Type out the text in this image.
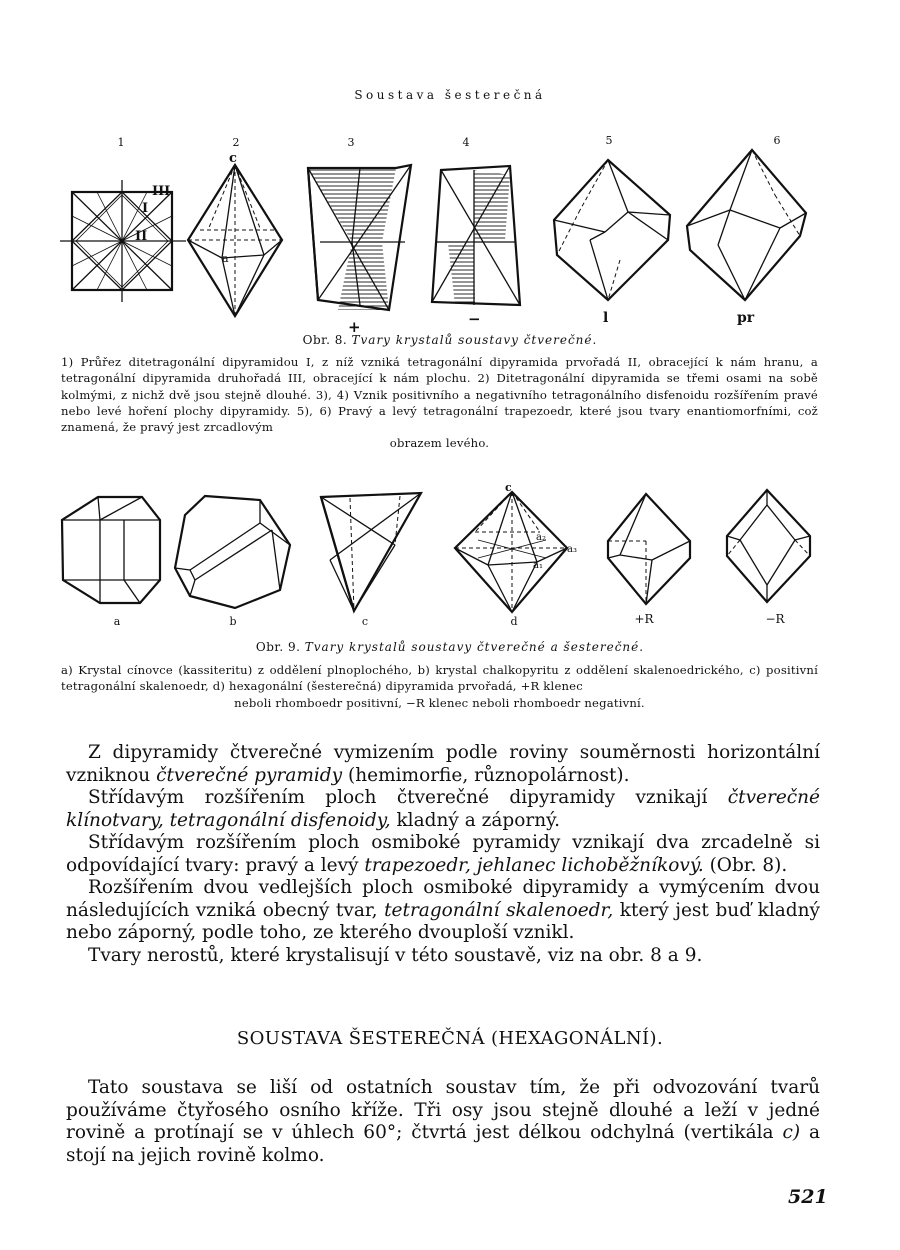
Soustava šesterečná
1	2	3	4	5	6
III
I
II
c
a
+	−	l	pr
Obr. 8. Tvary krystalů soustavy čtverečné.
1) Průřez ditetragonální dipyramidou I, z níž vzniká tetragonální dipyramida prvořadá II, obracející k nám hranu, a tetragonální dipyramida druhořadá III, obracející k nám plochu. 2) Ditetragonální dipyramida se třemi osami na sobě kolmými, z nichž dvě jsou stejně dlouhé. 3), 4) Vznik positivního a negativního tetragonálního disfenoidu rozšířením pravé nebo levé hoření plochy dipyramidy. 5), 6) Pravý a levý tetragonální trapezoedr, které jsou tvary enantiomorfními, což znamená, že pravý jest zrcadlovým
obrazem levého.
c
a₂
a₃
a₁
a	b	c	d	+R	−R
Obr. 9. Tvary krystalů soustavy čtverečné a šesterečné.
a) Krystal cínovce (kassiteritu) z oddělení plnoplochého, b) krystal chalkopyritu z oddělení skalenoedrického, c) positivní tetragonální skalenoedr, d) hexagonální (šesterečná) dipyramida prvořadá, +R klenec
neboli rhomboedr positivní, −R klenec neboli rhomboedr negativní.

Z dipyramidy čtverečné vymizením podle roviny souměrnosti horizontální vzniknou čtverečné pyramidy (hemimorfie, různopolárnost).

Střídavým rozšířením ploch čtverečné dipyramidy vznikají čtverečné klínotvary, tetragonální disfenoidy, kladný a záporný.

Střídavým rozšířením ploch osmiboké pyramidy vznikají dva zrcadelně si odpovídající tvary: pravý a levý trapezoedr, jehlanec lichoběžníkový. (Obr. 8).

Rozšířením dvou vedlejších ploch osmiboké dipyramidy a vymýcením dvou následujících vzniká obecný tvar, tetragonální skalenoedr, který jest buď kladný nebo záporný, podle toho, ze kterého dvouploší vznikl.

Tvary nerostů, které krystalisují v této soustavě, viz na obr. 8 a 9.

SOUSTAVA ŠESTEREČNÁ (HEXAGONÁLNÍ).

Tato soustava se liší od ostatních soustav tím, že při odvozování tvarů používáme čtyřosého osního kříže. Tři osy jsou stejně dlouhé a leží v jedné rovině a protínají se v úhlech 60°; čtvrtá jest délkou odchylná (vertikála c) a stojí na jejich rovině kolmo.

521
